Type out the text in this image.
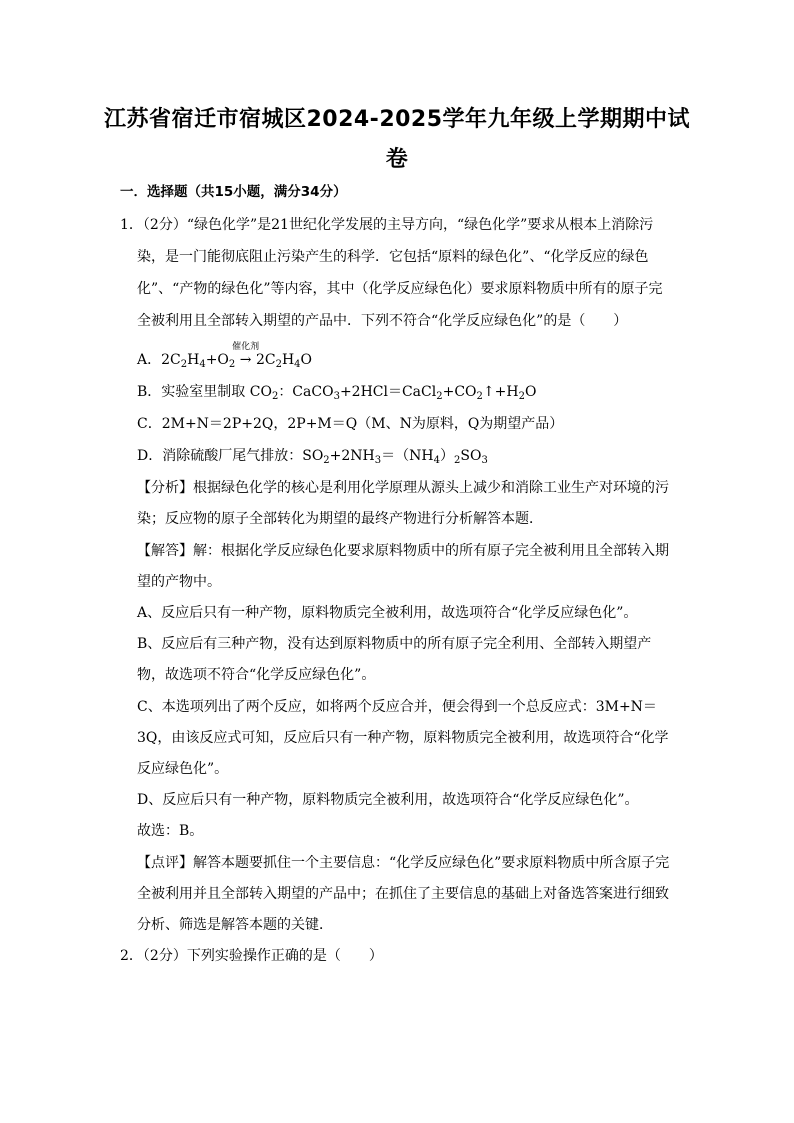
江苏省宿迁市宿城区2024-2025学年九年级上学期期中试
卷
一．选择题（共15小题，满分34分）
1．（2分）“绿色化学”是21世纪化学发展的主导方向，“绿色化学”要求从根本上消除污
染，是一门能彻底阻止污染产生的科学．它包括“原料的绿色化”、“化学反应的绿色
化”、“产物的绿色化”等内容，其中（化学反应绿色化）要求原料物质中所有的原子完
全被利用且全部转入期望的产品中．下列不符合“化学反应绿色化”的是（　　）
A．$2C_2H_4+O_2$
催化剂
→ $2C_2H_4O$
B．实验室里制取 $CO_2$：$CaCO_3+2HCl=CaCl_2+CO_2↑+H_2O$
C．2M+N＝2P+2Q，2P+M＝Q（M、N为原料，Q为期望产品）
D．消除硫酸厂尾气排放：$SO_2+2NH_3=(NH_4)_2SO_3$
【分析】根据绿色化学的核心是利用化学原理从源头上减少和消除工业生产对环境的污
染；反应物的原子全部转化为期望的最终产物进行分析解答本题．
【解答】解：根据化学反应绿色化要求原料物质中的所有原子完全被利用且全部转入期
望的产物中。
A、反应后只有一种产物，原料物质完全被利用，故选项符合“化学反应绿色化”。
B、反应后有三种产物，没有达到原料物质中的所有原子完全利用、全部转入期望产
物，故选项不符合“化学反应绿色化”。
C、本选项列出了两个反应，如将两个反应合并，便会得到一个总反应式：3M+N＝
3Q，由该反应式可知，反应后只有一种产物，原料物质完全被利用，故选项符合“化学
反应绿色化”。
D、反应后只有一种产物，原料物质完全被利用，故选项符合“化学反应绿色化”。
故选：B。
【点评】解答本题要抓住一个主要信息：“化学反应绿色化”要求原料物质中所含原子完
全被利用并且全部转入期望的产品中；在抓住了主要信息的基础上对备选答案进行细致
分析、筛选是解答本题的关键．
2．（2分）下列实验操作正确的是（　　）
